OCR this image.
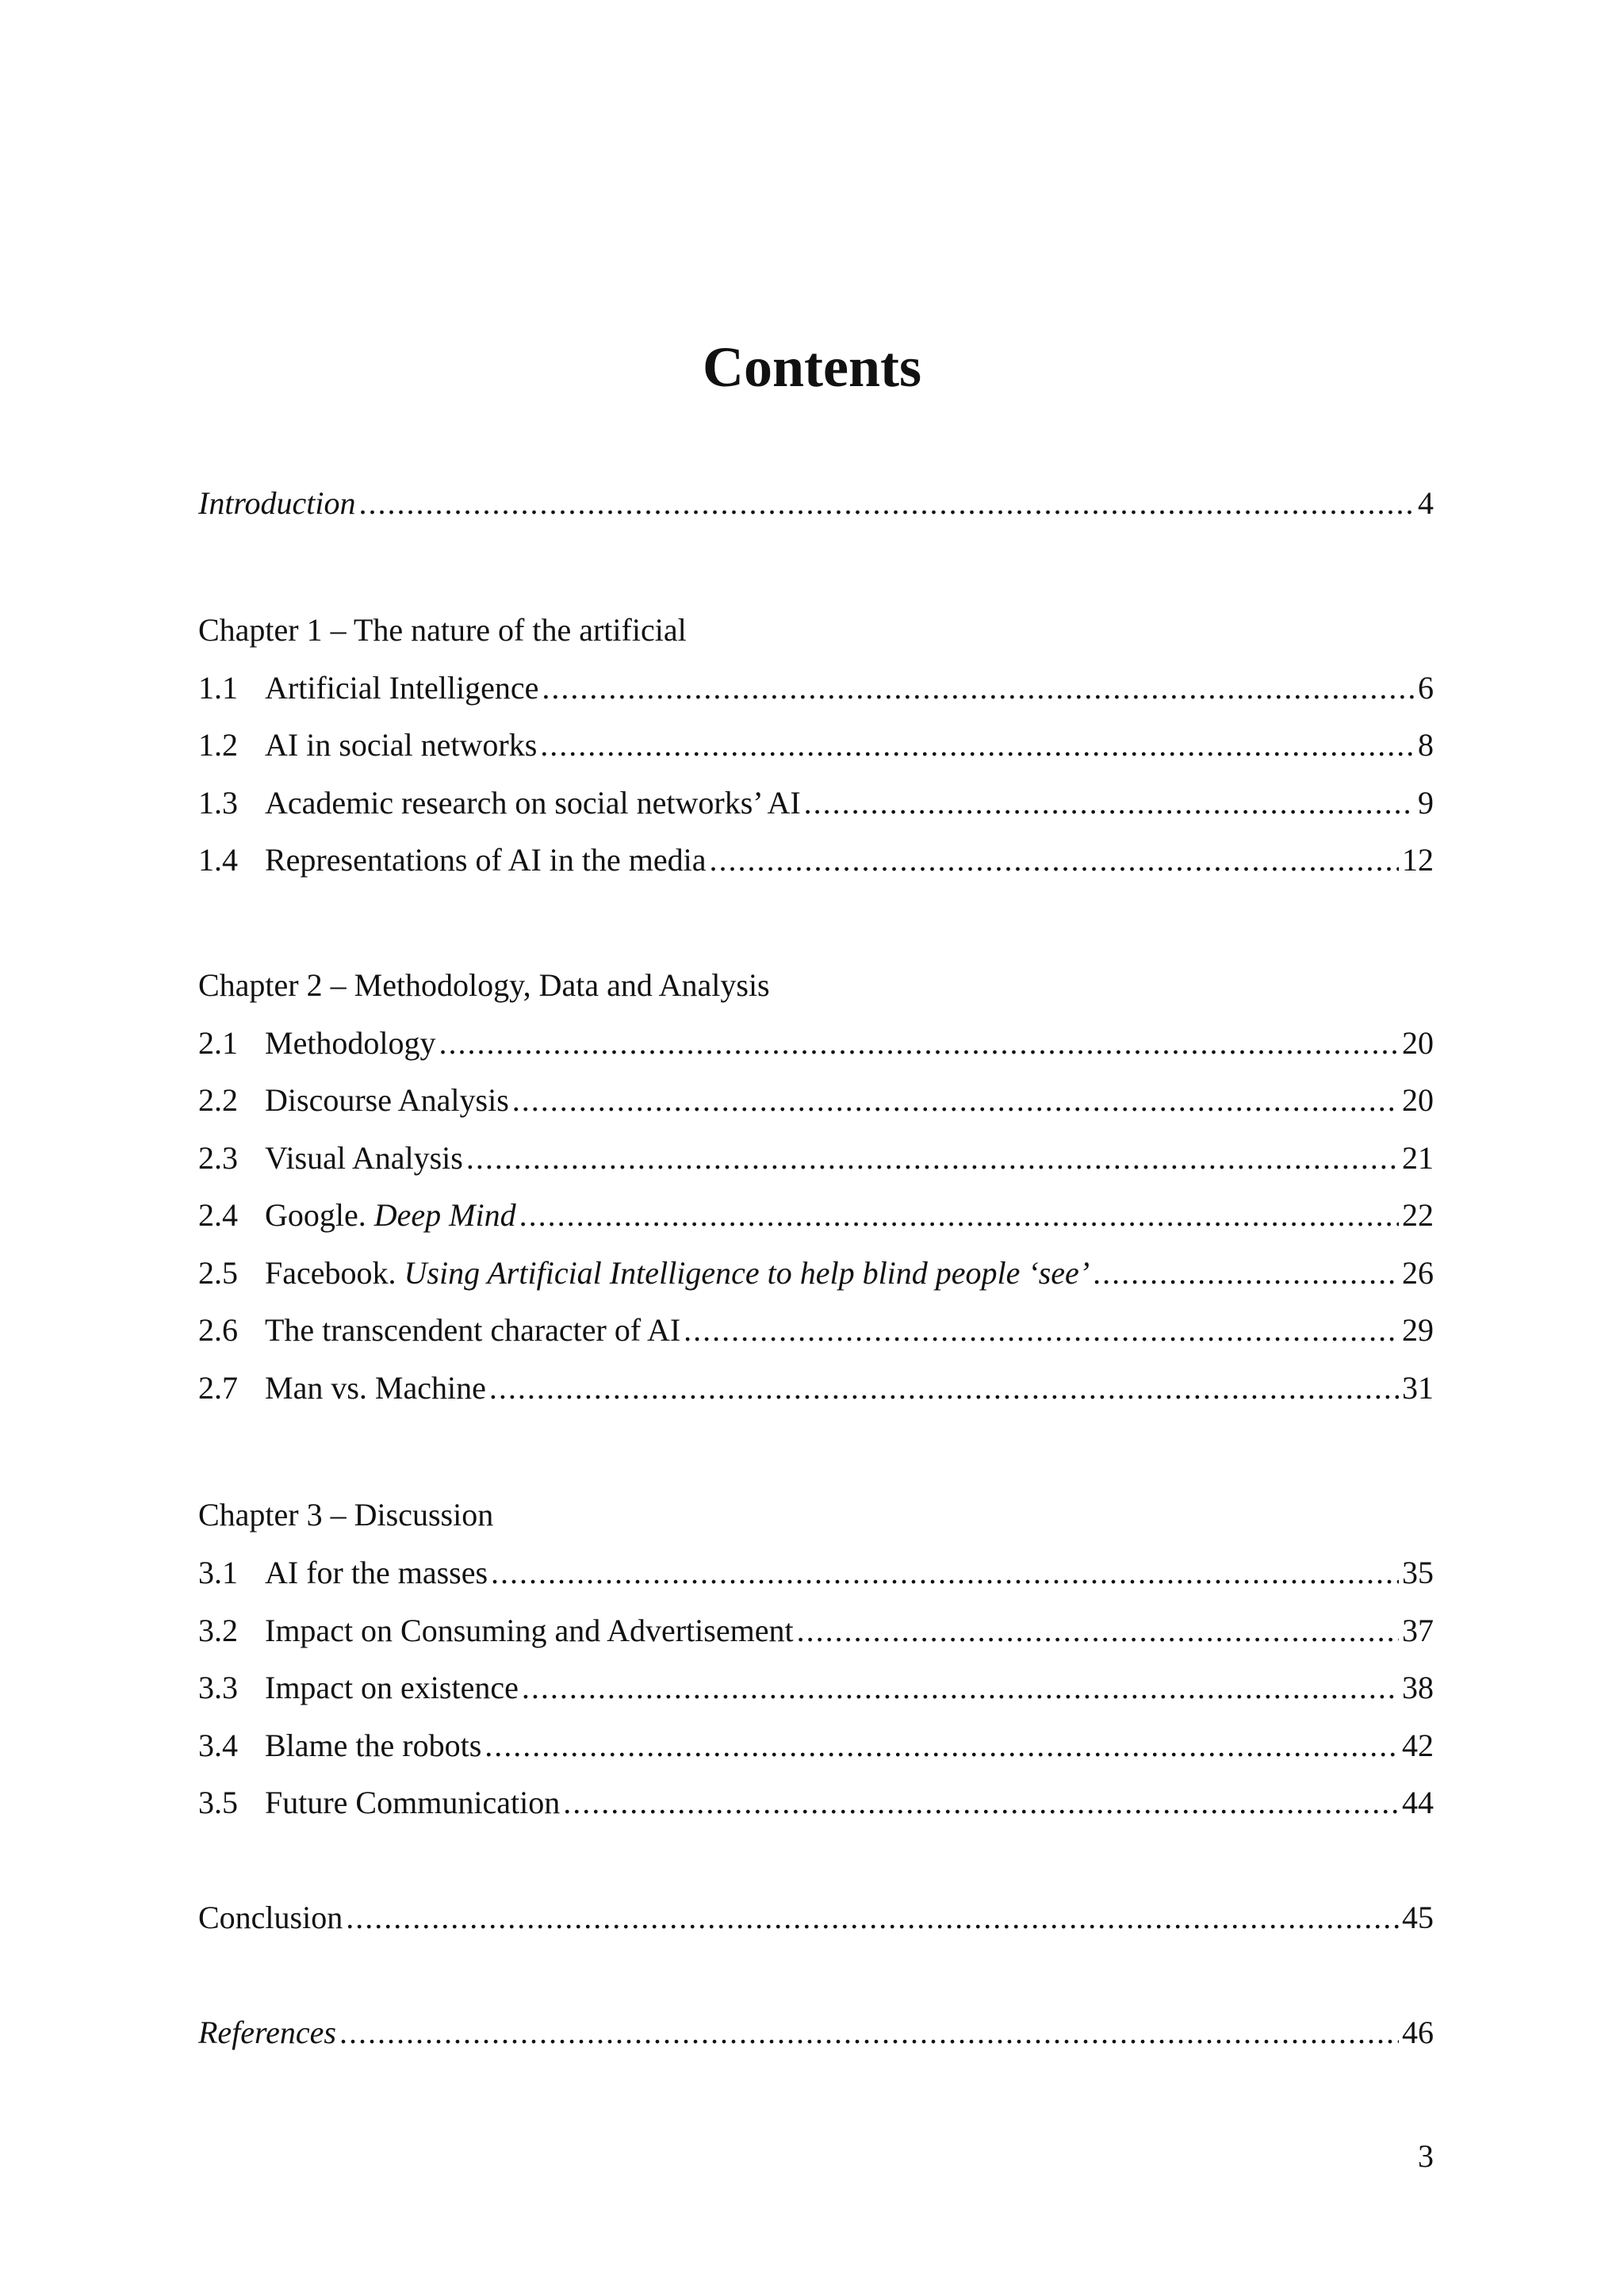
Contents
Introduction .....	4
Chapter 1 – The nature of the artificial
1.1 Artificial Intelligence .....	6
1.2 AI in social networks .....	8
1.3 Academic research on social networks’ AI .....	9
1.4 Representations of AI in the media .....	12
Chapter 2 – Methodology, Data and Analysis
2.1 Methodology .....	20
2.2 Discourse Analysis .....	20
2.3 Visual Analysis .....	21
2.4 Google. Deep Mind .....	22
2.5 Facebook. Using Artificial Intelligence to help blind people ‘see’ .....	26
2.6 The transcendent character of AI .....	29
2.7 Man vs. Machine .....	31
Chapter 3 – Discussion
3.1 AI for the masses .....	35
3.2 Impact on Consuming and Advertisement .....	37
3.3 Impact on existence .....	38
3.4 Blame the robots .....	42
3.5 Future Communication .....	44
Conclusion .....	45
References .....	46
3
